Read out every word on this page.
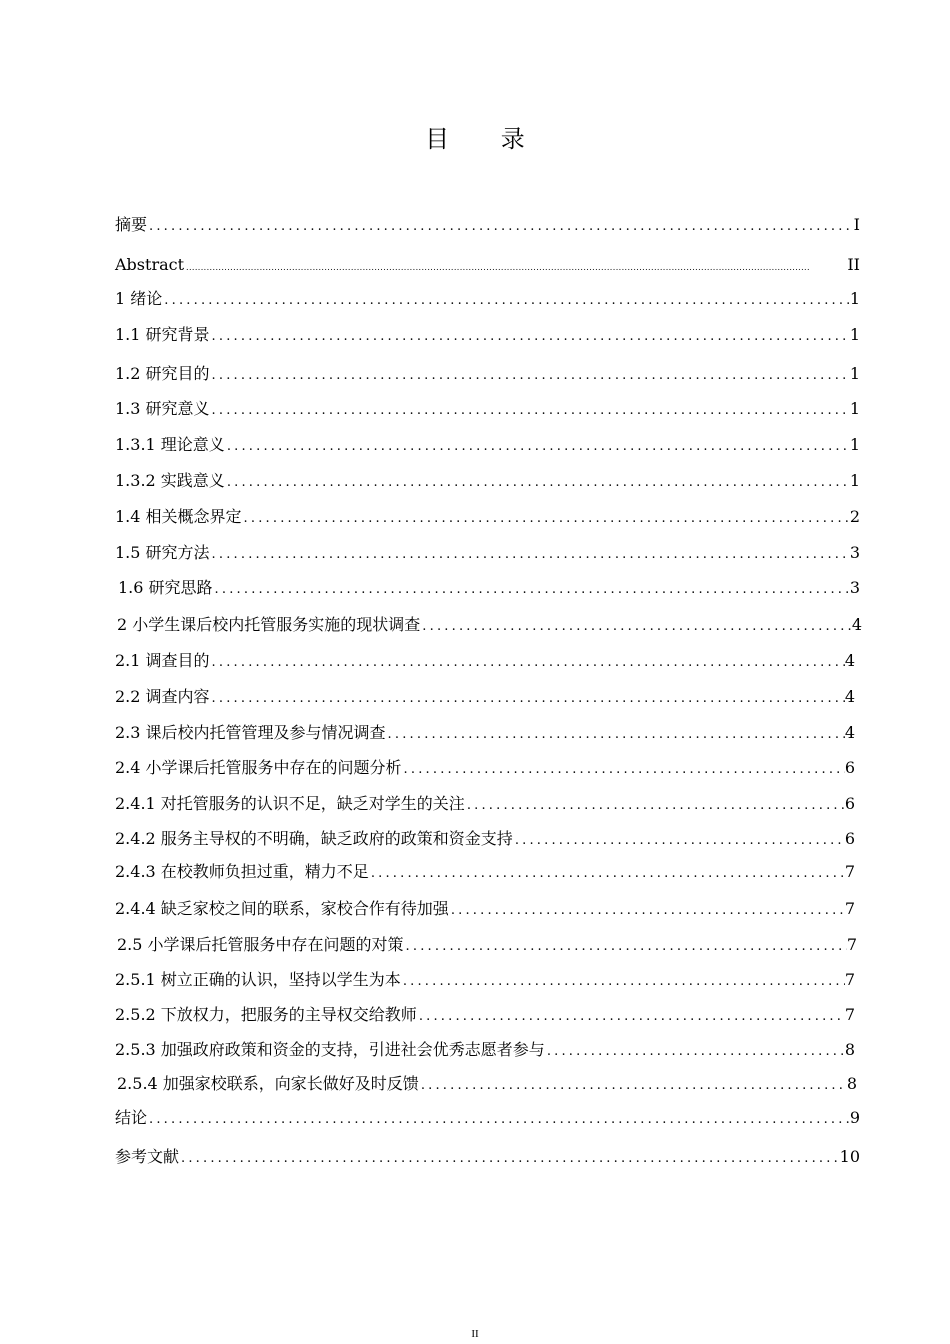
目 录
摘要 .....	I
Abstract .....	II
1 绪论 .....	1
1.1 研究背景 .....	1
1.2 研究目的 .....	1
1.3 研究意义 .....	1
1.3.1 理论意义 .....	1
1.3.2 实践意义 .....	1
1.4 相关概念界定 .....	2
1.5 研究方法 .....	3
1.6 研究思路 .....	3
2 小学生课后校内托管服务实施的现状调查 .....	4
2.1 调查目的 .....	4
2.2 调查内容 .....	4
2.3 课后校内托管管理及参与情况调查 .....	4
2.4 小学课后托管服务中存在的问题分析 .....	6
2.4.1 对托管服务的认识不足，缺乏对学生的关注 .....	6
2.4.2 服务主导权的不明确，缺乏政府的政策和资金支持 .....	6
2.4.3 在校教师负担过重，精力不足 .....	7
2.4.4 缺乏家校之间的联系，家校合作有待加强 .....	7
2.5 小学课后托管服务中存在问题的对策 .....	7
2.5.1 树立正确的认识，坚持以学生为本 .....	7
2.5.2 下放权力，把服务的主导权交给教师 .....	7
2.5.3 加强政府政策和资金的支持，引进社会优秀志愿者参与 .....	8
2.5.4 加强家校联系，向家长做好及时反馈 .....	8
结论 .....	9
参考文献 .....	10
II
